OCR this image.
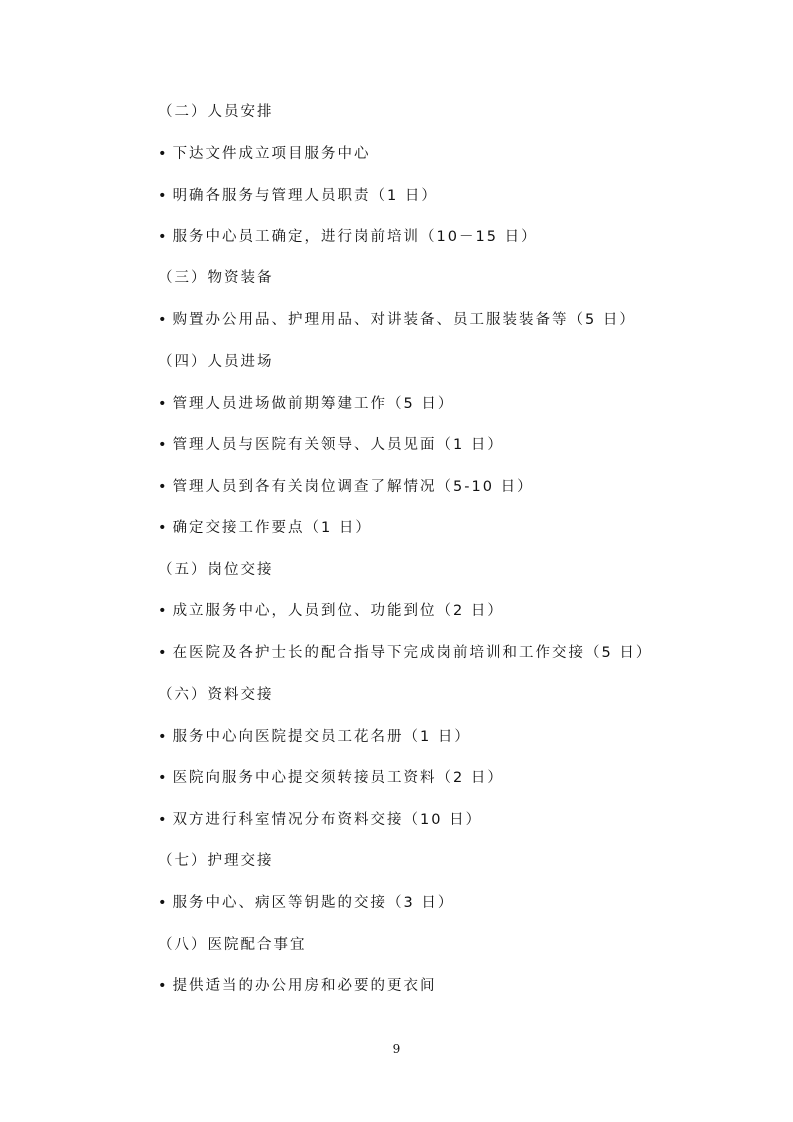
（二）人员安排
• 下达文件成立项目服务中心
• 明确各服务与管理人员职责（1 日）
• 服务中心员工确定，进行岗前培训（10－15 日）
（三）物资装备
• 购置办公用品、护理用品、对讲装备、员工服装装备等（5 日）
（四）人员进场
• 管理人员进场做前期筹建工作（5 日）
• 管理人员与医院有关领导、人员见面（1 日）
• 管理人员到各有关岗位调查了解情况（5-10 日）
• 确定交接工作要点（1 日）
（五）岗位交接
• 成立服务中心，人员到位、功能到位（2 日）
• 在医院及各护士长的配合指导下完成岗前培训和工作交接（5 日）
（六）资料交接
• 服务中心向医院提交员工花名册（1 日）
• 医院向服务中心提交须转接员工资料（2 日）
• 双方进行科室情况分布资料交接（10 日）
（七）护理交接
• 服务中心、病区等钥匙的交接（3 日）
（八）医院配合事宜
• 提供适当的办公用房和必要的更衣间
9
